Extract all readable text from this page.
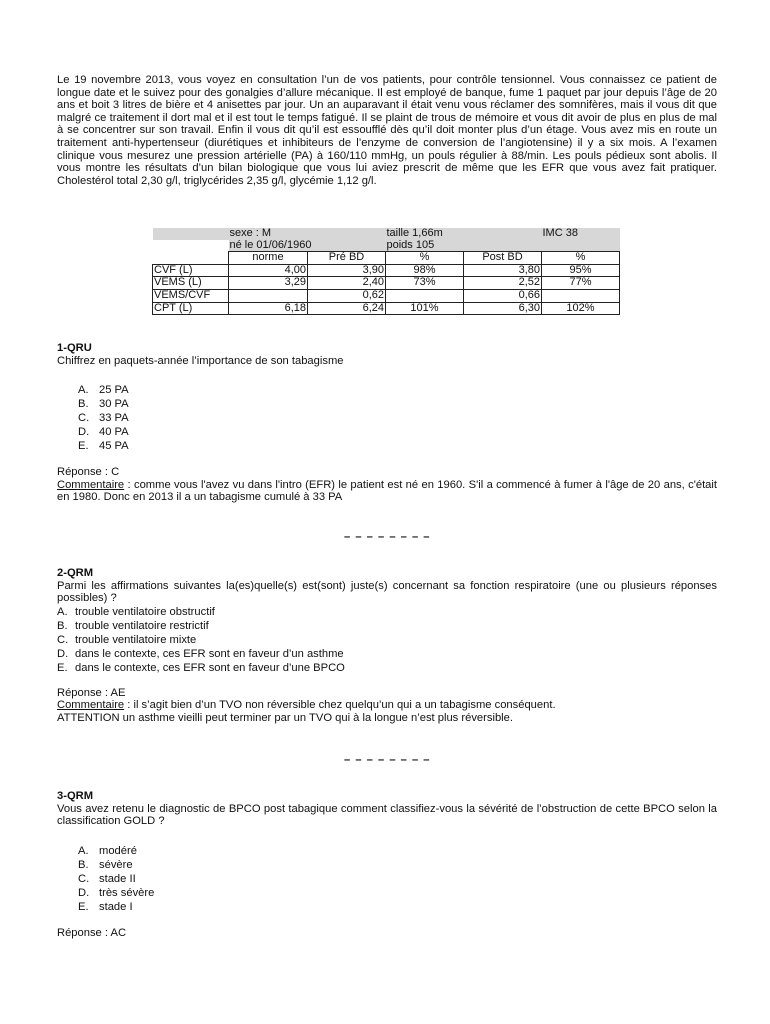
Le 19 novembre 2013, vous voyez en consultation l’un de vos patients, pour contrôle tensionnel. Vous connaissez ce patient de longue date et le suivez pour des gonalgies d’allure mécanique. Il est employé de banque, fume 1 paquet par jour depuis l’âge de 20 ans et boit 3 litres de bière et 4 anisettes par jour. Un an auparavant il était venu vous réclamer des somnifères, mais il vous dit que malgré ce traitement il dort mal et il est tout le temps fatigué. Il se plaint de trous de mémoire et vous dit avoir de plus en plus de mal à se concentrer sur son travail. Enfin il vous dit qu’il est essoufflé dès qu’il doit monter plus d’un étage. Vous avez mis en route un traitement anti-hypertenseur (diurétiques et inhibiteurs de l’enzyme de conversion de l’angiotensine) il y a six mois. A l’examen clinique vous mesurez une pression artérielle (PA) à 160/110 mmHg, un pouls régulier à 88/min. Les pouls pédieux sont abolis. Il vous montre les résultats d’un bilan biologique que vous lui aviez prescrit de même que les EFR que vous avez fait pratiquer. Cholestérol total 2,30 g/l, triglycérides 2,35 g/l, glycémie 1,12 g/l.

	sexe : M		taille 1,66m		IMC 38
	né le 01/06/1960		poids 105		
	norme	Pré BD	%	Post BD	%
CVF (L)	4,00	3,90	98%	3,80	95%
VEMS (L)	3,29	2,40	73%	2,52	77%
VEMS/CVF		0,62		0,66	
CPT (L)	6,18	6,24	101%	6,30	102%

1-QRU

Chiffrez en paquets-année l’importance de son tabagisme

A. 25 PA
B. 30 PA
C. 33 PA
D. 40 PA
E. 45 PA

Réponse : C

Commentaire : comme vous l'avez vu dans l'intro (EFR) le patient est né en 1960. S'il a commencé à fumer à l'âge de 20 ans, c'était en 1980. Donc en 2013 il a un tabagisme cumulé à 33 PA

– – – – – – – –

2-QRM

Parmi les affirmations suivantes la(es)quelle(s) est(sont) juste(s) concernant sa fonction respiratoire (une ou plusieurs réponses possibles) ?

A. trouble ventilatoire obstructif
B. trouble ventilatoire restrictif
C. trouble ventilatoire mixte
D. dans le contexte, ces EFR sont en faveur d’un asthme
E. dans le contexte, ces EFR sont en faveur d’une BPCO

Réponse : AE

Commentaire : il s’agit bien d’un TVO non réversible chez quelqu’un qui a un tabagisme conséquent.

ATTENTION un asthme vieilli peut terminer par un TVO qui à la longue n’est plus réversible.

– – – – – – – –

3-QRM

Vous avez retenu le diagnostic de BPCO post tabagique comment classifiez-vous la sévérité de l’obstruction de cette BPCO selon la classification GOLD ?

A. modéré
B. sévère
C. stade II
D. très sévère
E. stade I

Réponse : AC
